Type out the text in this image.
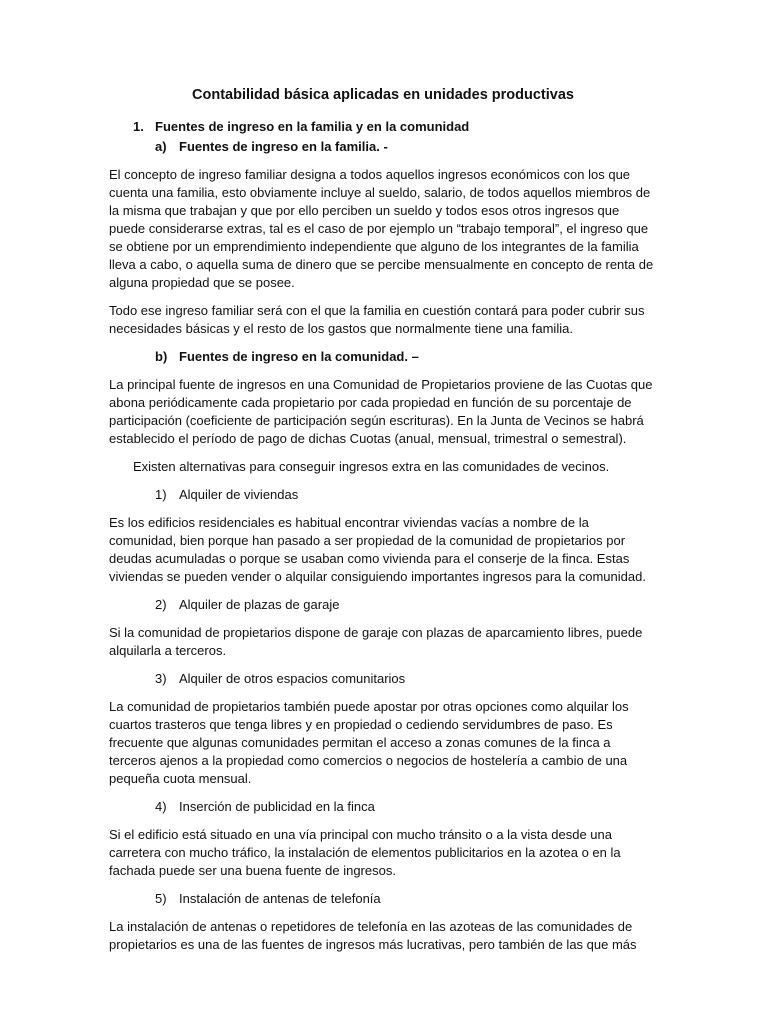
Contabilidad básica aplicadas en unidades productivas
1. Fuentes de ingreso en la familia y en la comunidad
a) Fuentes de ingreso en la familia. -

El concepto de ingreso familiar designa a todos aquellos ingresos económicos con los que cuenta una familia, esto obviamente incluye al sueldo, salario, de todos aquellos miembros de la misma que trabajan y que por ello perciben un sueldo y todos esos otros ingresos que puede considerarse extras, tal es el caso de por ejemplo un “trabajo temporal”, el ingreso que se obtiene por un emprendimiento independiente que alguno de los integrantes de la familia lleva a cabo, o aquella suma de dinero que se percibe mensualmente en concepto de renta de alguna propiedad que se posee.

Todo ese ingreso familiar será con el que la familia en cuestión contará para poder cubrir sus necesidades básicas y el resto de los gastos que normalmente tiene una familia.

b) Fuentes de ingreso en la comunidad. –

La principal fuente de ingresos en una Comunidad de Propietarios proviene de las Cuotas que abona periódicamente cada propietario por cada propiedad en función de su porcentaje de participación (coeficiente de participación según escrituras). En la Junta de Vecinos se habrá establecido el período de pago de dichas Cuotas (anual, mensual, trimestral o semestral).

Existen alternativas para conseguir ingresos extra en las comunidades de vecinos.

1) Alquiler de viviendas

Es los edificios residenciales es habitual encontrar viviendas vacías a nombre de la comunidad, bien porque han pasado a ser propiedad de la comunidad de propietarios por deudas acumuladas o porque se usaban como vivienda para el conserje de la finca. Estas viviendas se pueden vender o alquilar consiguiendo importantes ingresos para la comunidad.

2) Alquiler de plazas de garaje

Si la comunidad de propietarios dispone de garaje con plazas de aparcamiento libres, puede alquilarla a terceros.

3) Alquiler de otros espacios comunitarios

La comunidad de propietarios también puede apostar por otras opciones como alquilar los cuartos trasteros que tenga libres y en propiedad o cediendo servidumbres de paso. Es frecuente que algunas comunidades permitan el acceso a zonas comunes de la finca a terceros ajenos a la propiedad como comercios o negocios de hostelería a cambio de una pequeña cuota mensual.

4) Inserción de publicidad en la finca

Si el edificio está situado en una vía principal con mucho tránsito o a la vista desde una carretera con mucho tráfico, la instalación de elementos publicitarios en la azotea o en la fachada puede ser una buena fuente de ingresos.

5) Instalación de antenas de telefonía

La instalación de antenas o repetidores de telefonía en las azoteas de las comunidades de propietarios es una de las fuentes de ingresos más lucrativas, pero también de las que más
